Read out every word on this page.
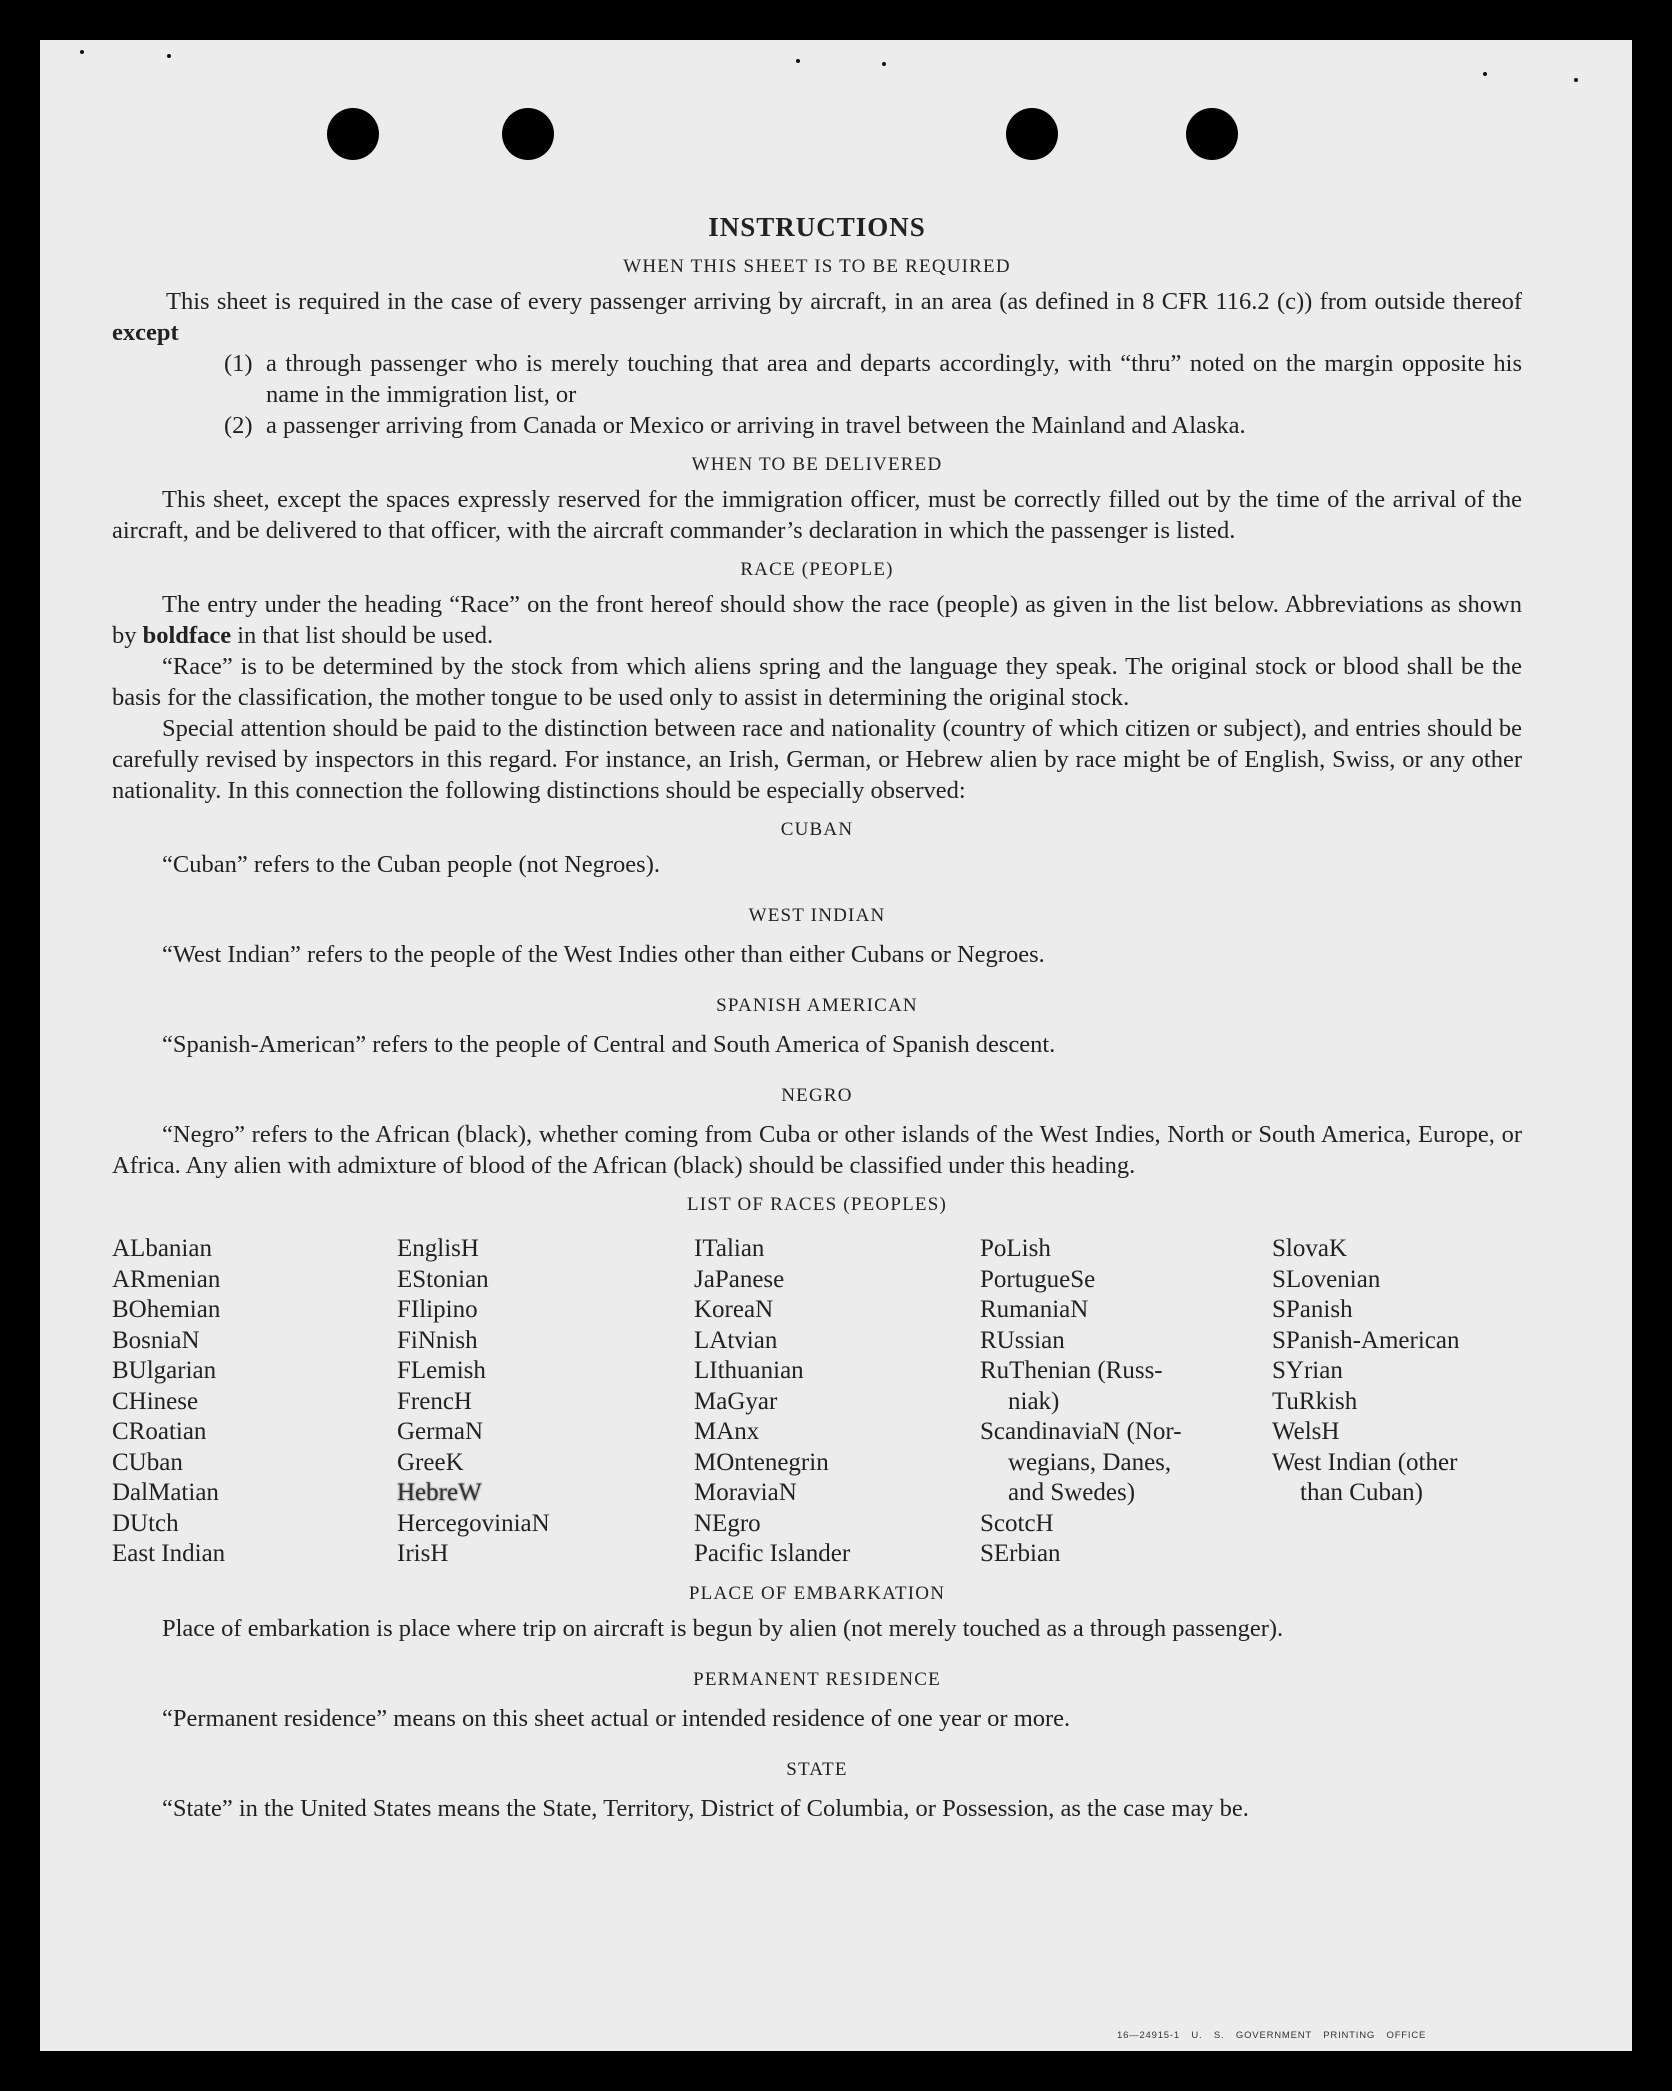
INSTRUCTIONS
WHEN THIS SHEET IS TO BE REQUIRED

This sheet is required in the case of every passenger arriving by aircraft, in an area (as defined in 8 CFR 116.2 (c)) from outside thereof except

(1) a through passenger who is merely touching that area and departs accordingly, with “thru” noted on the margin opposite his name in the immigration list, or
(2) a passenger arriving from Canada or Mexico or arriving in travel between the Mainland and Alaska.
WHEN TO BE DELIVERED

This sheet, except the spaces expressly reserved for the immigration officer, must be correctly filled out by the time of the arrival of the aircraft, and be delivered to that officer, with the aircraft commander’s declaration in which the passenger is listed.

RACE (PEOPLE)

The entry under the heading “Race” on the front hereof should show the race (people) as given in the list below. Abbreviations as shown by boldface in that list should be used.

“Race” is to be determined by the stock from which aliens spring and the language they speak. The original stock or blood shall be the basis for the classification, the mother tongue to be used only to assist in determining the original stock.

Special attention should be paid to the distinction between race and nationality (country of which citizen or subject), and entries should be carefully revised by inspectors in this regard. For instance, an Irish, German, or Hebrew alien by race might be of English, Swiss, or any other nationality. In this connection the following distinctions should be especially observed:

CUBAN

“Cuban” refers to the Cuban people (not Negroes).

WEST INDIAN

“West Indian” refers to the people of the West Indies other than either Cubans or Negroes.

SPANISH AMERICAN

“Spanish-American” refers to the people of Central and South America of Spanish descent.

NEGRO

“Negro” refers to the African (black), whether coming from Cuba or other islands of the West Indies, North or South America, Europe, or Africa. Any alien with admixture of blood of the African (black) should be classified under this heading.

LIST OF RACES (PEOPLES)
ALbanian
ARmenian
BOhemian
BosniaN
BUlgarian
CHinese
CRoatian
CUban
DalMatian
DUtch
East Indian
EnglisH
EStonian
FIlipino
FiNnish
FLemish
FrencH
GermaN
GreeK
HebreW
HercegoviniaN
IrisH
ITalian
JaPanese
KoreaN
LAtvian
LIthuanian
MaGyar
MAnx
MOntenegrin
MoraviaN
NEgro
Pacific Islander
PoLish
PortugueSe
RumaniaN
RUssian
RuThenian (Russ-
niak)
ScandinaviaN (Nor-
wegians, Danes,
and Swedes)
ScotcH
SErbian
SlovaK
SLovenian
SPanish
SPanish-American
SYrian
TuRkish
WelsH
West Indian (other
than Cuban)
PLACE OF EMBARKATION

Place of embarkation is place where trip on aircraft is begun by alien (not merely touched as a through passenger).

PERMANENT RESIDENCE

“Permanent residence” means on this sheet actual or intended residence of one year or more.

STATE

“State” in the United States means the State, Territory, District of Columbia, or Possession, as the case may be.

16—24915-1 U. S. GOVERNMENT PRINTING OFFICE
